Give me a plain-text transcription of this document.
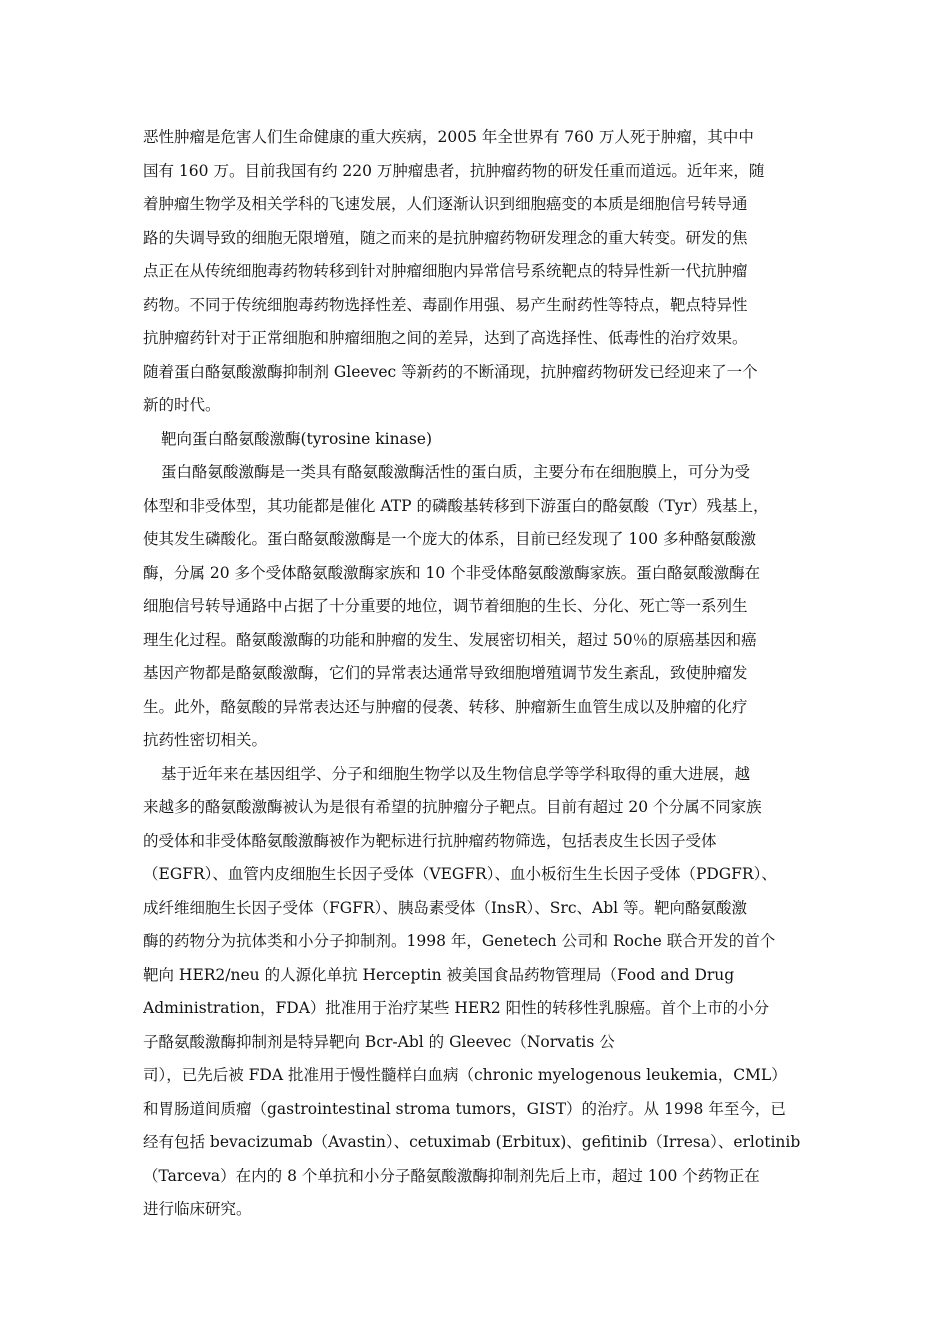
恶性肿瘤是危害人们生命健康的重大疾病，2005 年全世界有 760 万人死于肿瘤，其中中
国有 160 万。目前我国有约 220 万肿瘤患者，抗肿瘤药物的研发任重而道远。近年来，随
着肿瘤生物学及相关学科的飞速发展，人们逐渐认识到细胞癌变的本质是细胞信号转导通
路的失调导致的细胞无限增殖，随之而来的是抗肿瘤药物研发理念的重大转变。研发的焦
点正在从传统细胞毒药物转移到针对肿瘤细胞内异常信号系统靶点的特异性新一代抗肿瘤
药物。不同于传统细胞毒药物选择性差、毒副作用强、易产生耐药性等特点，靶点特异性
抗肿瘤药针对于正常细胞和肿瘤细胞之间的差异，达到了高选择性、低毒性的治疗效果。
随着蛋白酪氨酸激酶抑制剂 Gleevec 等新药的不断涌现，抗肿瘤药物研发已经迎来了一个
新的时代。
靶向蛋白酪氨酸激酶(tyrosine kinase)
蛋白酪氨酸激酶是一类具有酪氨酸激酶活性的蛋白质，主要分布在细胞膜上，可分为受
体型和非受体型，其功能都是催化 ATP 的磷酸基转移到下游蛋白的酪氨酸（Tyr）残基上，
使其发生磷酸化。蛋白酪氨酸激酶是一个庞大的体系，目前已经发现了 100 多种酪氨酸激
酶，分属 20 多个受体酪氨酸激酶家族和 10 个非受体酪氨酸激酶家族。蛋白酪氨酸激酶在
细胞信号转导通路中占据了十分重要的地位，调节着细胞的生长、分化、死亡等一系列生
理生化过程。酪氨酸激酶的功能和肿瘤的发生、发展密切相关，超过 50％的原癌基因和癌
基因产物都是酪氨酸激酶，它们的异常表达通常导致细胞增殖调节发生紊乱，致使肿瘤发
生。此外，酪氨酸的异常表达还与肿瘤的侵袭、转移、肿瘤新生血管生成以及肿瘤的化疗
抗药性密切相关。
基于近年来在基因组学、分子和细胞生物学以及生物信息学等学科取得的重大进展，越
来越多的酪氨酸激酶被认为是很有希望的抗肿瘤分子靶点。目前有超过 20 个分属不同家族
的受体和非受体酪氨酸激酶被作为靶标进行抗肿瘤药物筛选，包括表皮生长因子受体
（EGFR）、血管内皮细胞生长因子受体（VEGFR）、血小板衍生生长因子受体（PDGFR）、
成纤维细胞生长因子受体（FGFR）、胰岛素受体（InsR）、Src、Abl 等。靶向酪氨酸激
酶的药物分为抗体类和小分子抑制剂。1998 年，Genetech 公司和 Roche 联合开发的首个
靶向 HER2/neu 的人源化单抗 Herceptin 被美国食品药物管理局（Food and Drug
Administration，FDA）批准用于治疗某些 HER2 阳性的转移性乳腺癌。首个上市的小分
子酪氨酸激酶抑制剂是特异靶向 Bcr-Abl 的 Gleevec（Norvatis 公
司），已先后被 FDA 批准用于慢性髓样白血病（chronic myelogenous leukemia，CML）
和胃肠道间质瘤（gastrointestinal stroma tumors，GIST）的治疗。从 1998 年至今，已
经有包括 bevacizumab（Avastin）、cetuximab (Erbitux)、gefitinib（Irresa）、erlotinib
（Tarceva）在内的 8 个单抗和小分子酪氨酸激酶抑制剂先后上市，超过 100 个药物正在
进行临床研究。
